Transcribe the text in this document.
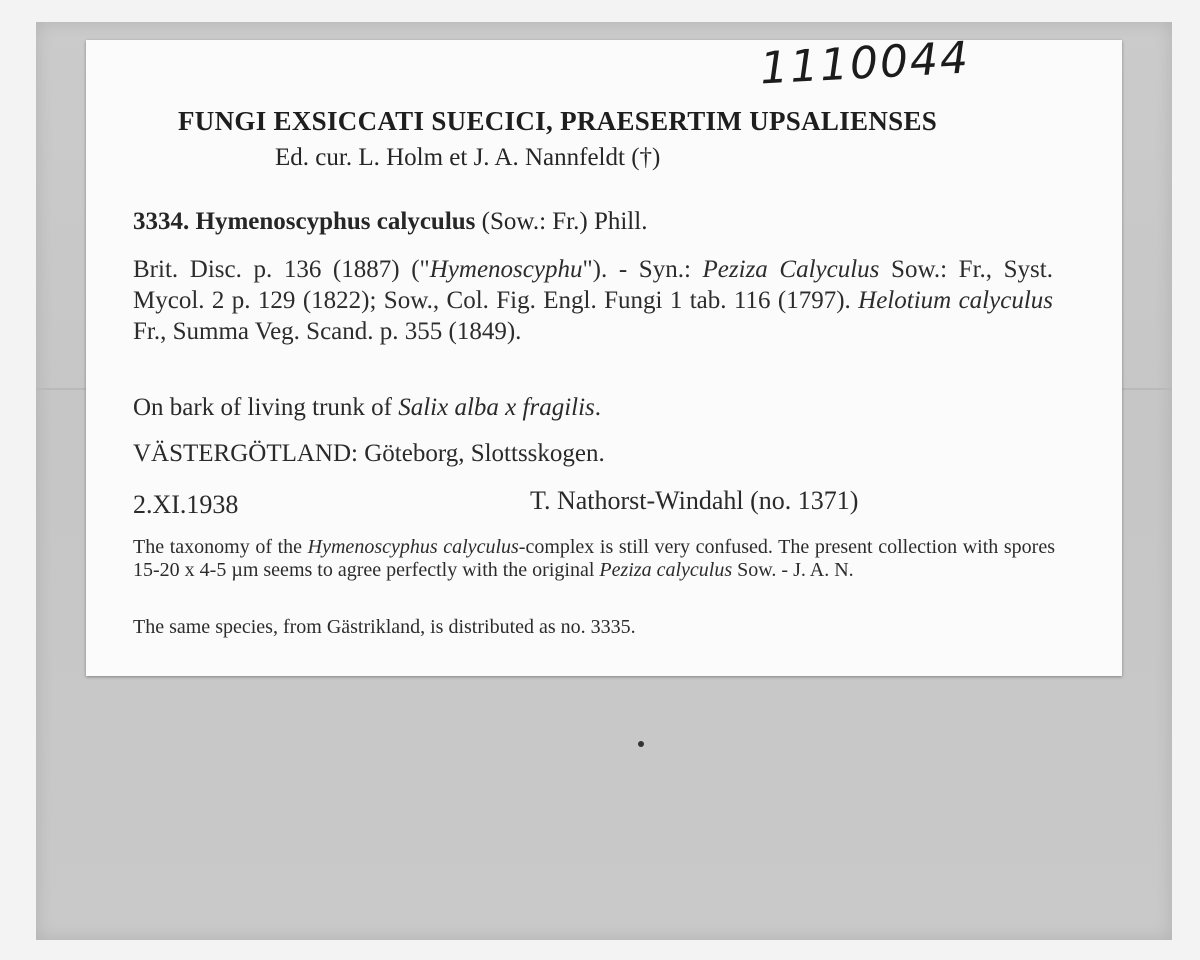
1110044
FUNGI EXSICCATI SUECICI, PRAESERTIM UPSALIENSES
Ed. cur. L. Holm et J. A. Nannfeldt (†)
3334. Hymenoscyphus calyculus (Sow.: Fr.) Phill.
Brit. Disc. p. 136 (1887) ("Hymenoscyphu"). - Syn.: Peziza Calyculus Sow.: Fr., Syst. Mycol. 2 p. 129 (1822); Sow., Col. Fig. Engl. Fungi 1 tab. 116 (1797). Helotium calyculus Fr., Summa Veg. Scand. p. 355 (1849).
On bark of living trunk of Salix alba x fragilis.
VÄSTERGÖTLAND: Göteborg, Slottsskogen.
2.XI.1938	T. Nathorst-Windahl (no. 1371)
The taxonomy of the Hymenoscyphus calyculus-complex is still very confused. The present collection with spores 15-20 x 4-5 µm seems to agree perfectly with the original Peziza calyculus Sow. - J. A. N.
The same species, from Gästrikland, is distributed as no. 3335.
